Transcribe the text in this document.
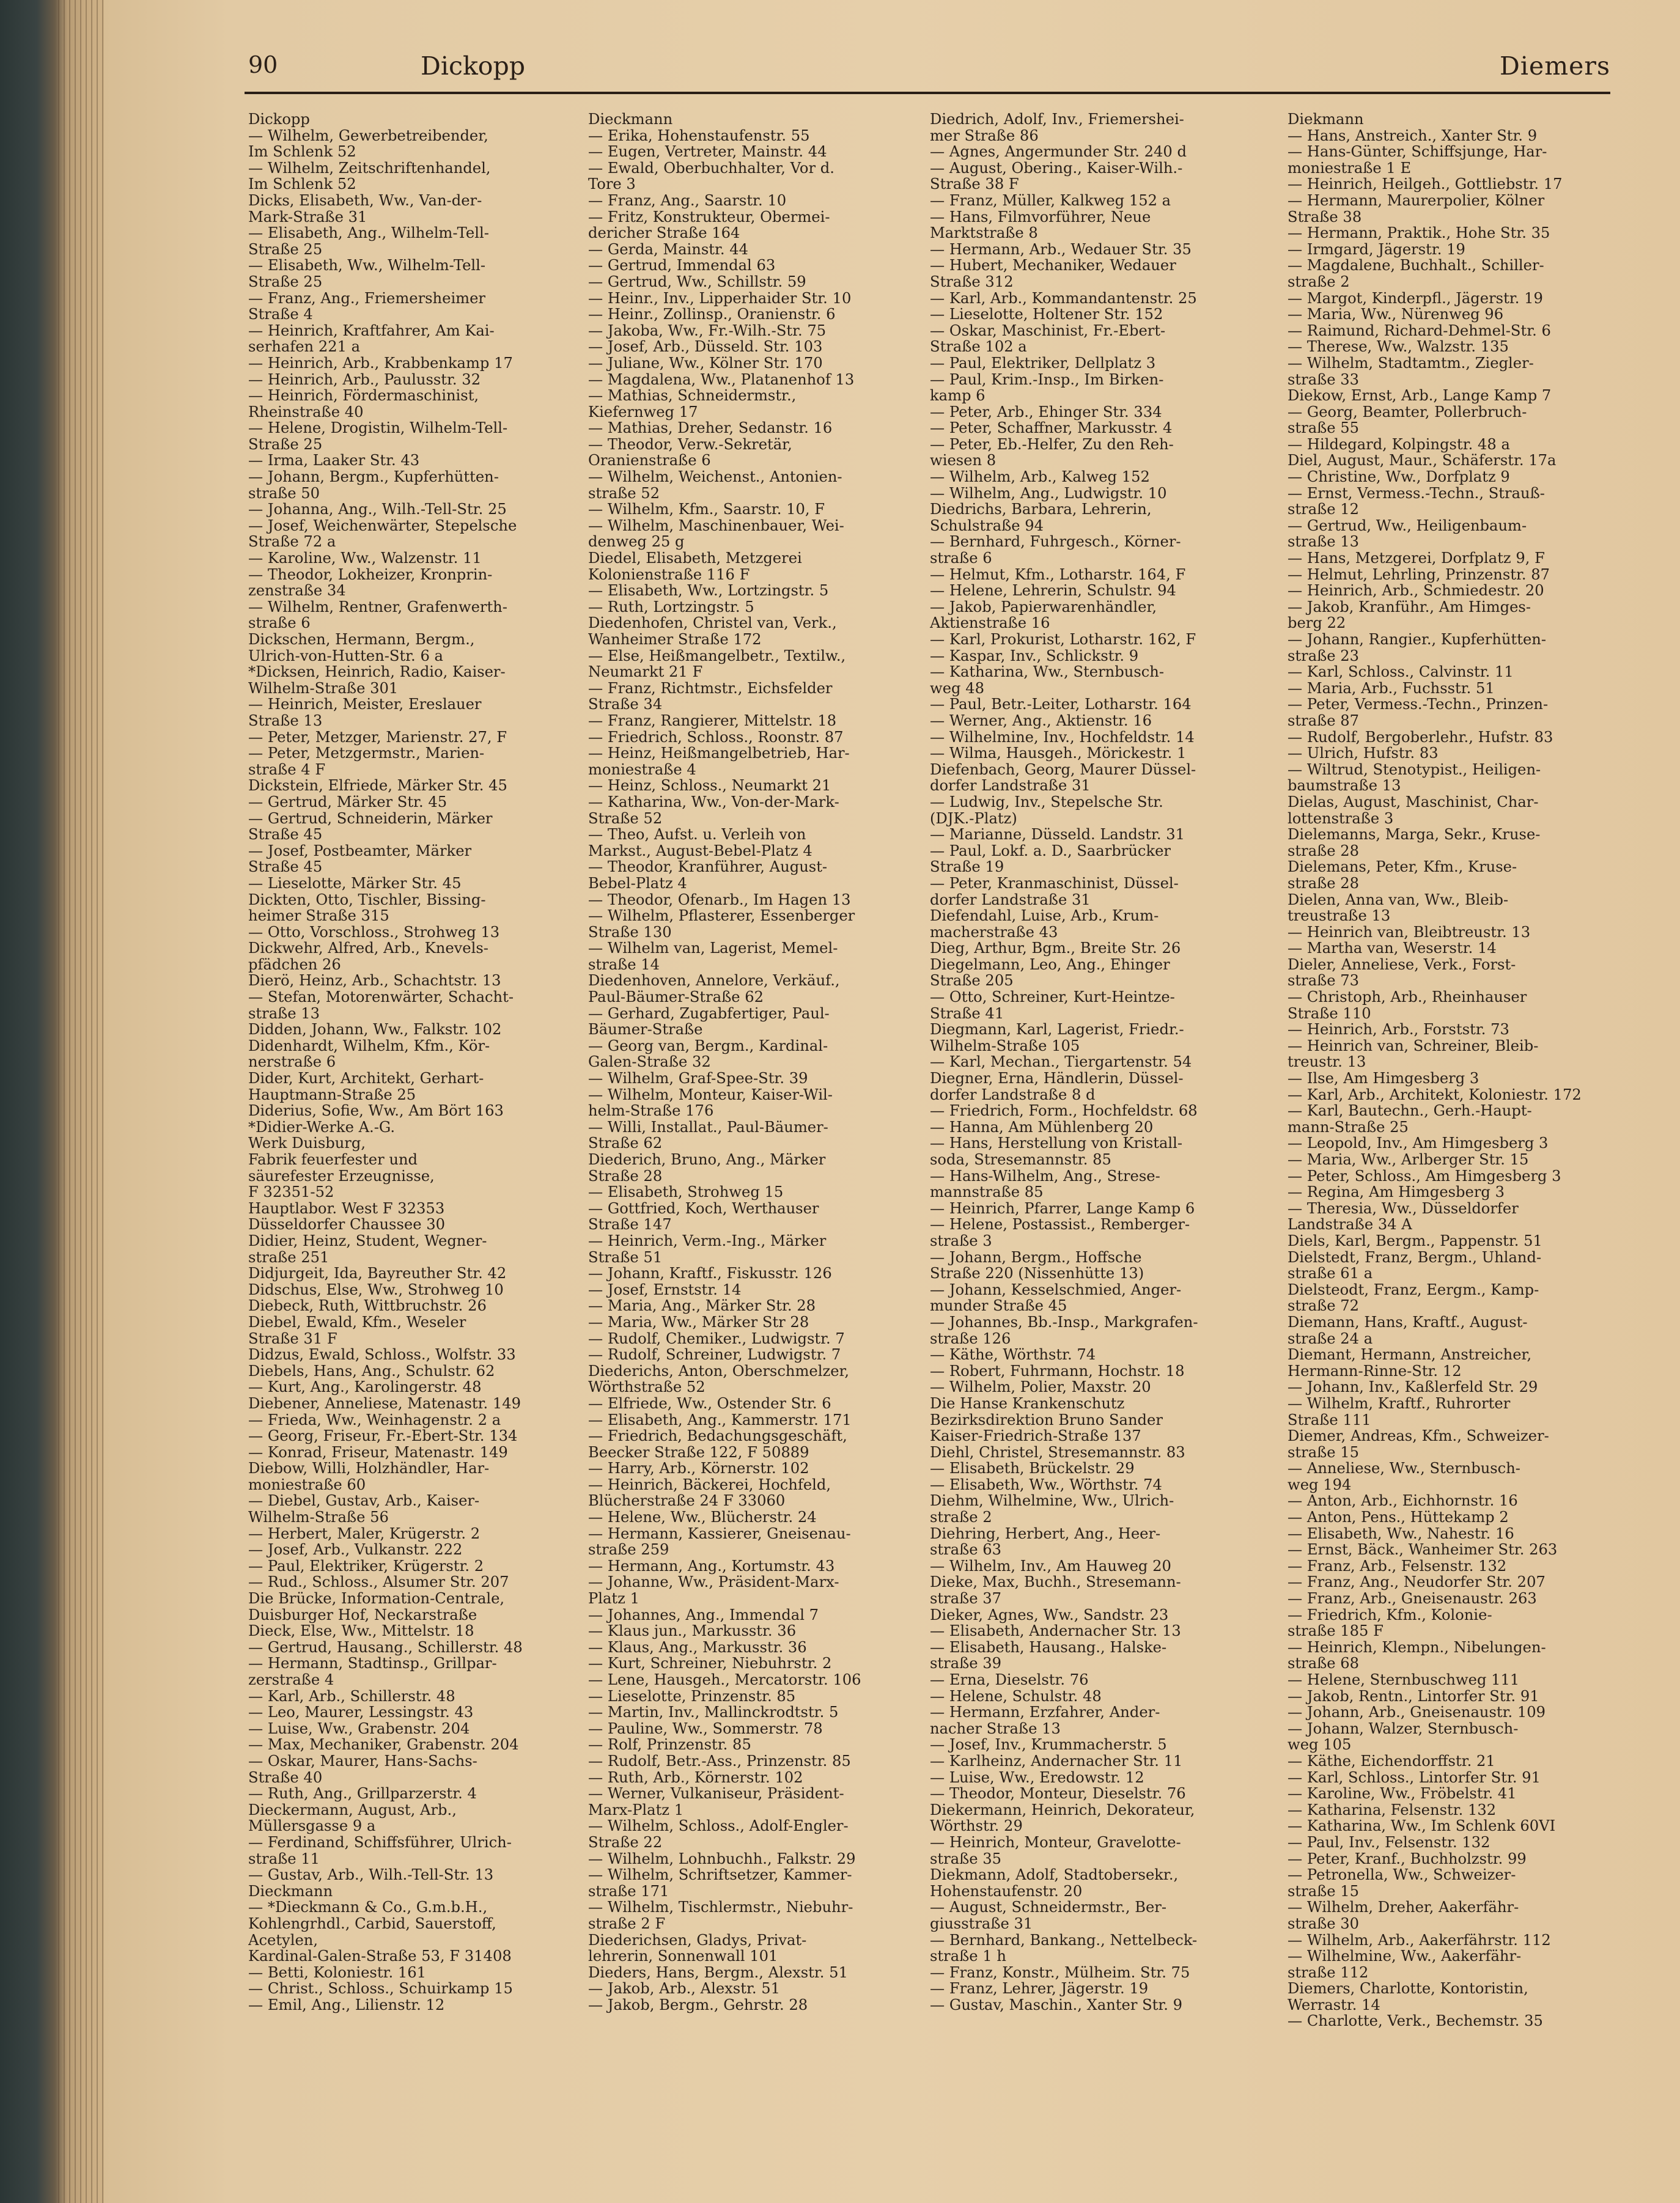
90	Dickopp	Diemers
Dickopp
— Wilhelm, Gewerbetreibender,
Im Schlenk 52
— Wilhelm, Zeitschriftenhandel,
Im Schlenk 52
Dicks, Elisabeth, Ww., Van-der-
Mark-Straße 31
— Elisabeth, Ang., Wilhelm-Tell-
Straße 25
— Elisabeth, Ww., Wilhelm-Tell-
Straße 25
— Franz, Ang., Friemersheimer
Straße 4
— Heinrich, Kraftfahrer, Am Kai-
serhafen 221 a
— Heinrich, Arb., Krabbenkamp 17
— Heinrich, Arb., Paulusstr. 32
— Heinrich, Fördermaschinist,
Rheinstraße 40
— Helene, Drogistin, Wilhelm-Tell-
Straße 25
— Irma, Laaker Str. 43
— Johann, Bergm., Kupferhütten-
straße 50
— Johanna, Ang., Wilh.-Tell-Str. 25
— Josef, Weichenwärter, Stepelsche
Straße 72 a
— Karoline, Ww., Walzenstr. 11
— Theodor, Lokheizer, Kronprin-
zenstraße 34
— Wilhelm, Rentner, Grafenwerth-
straße 6
Dickschen, Hermann, Bergm.,
Ulrich-von-Hutten-Str. 6 a
*Dicksen, Heinrich, Radio, Kaiser-
Wilhelm-Straße 301
— Heinrich, Meister, Ereslauer
Straße 13
— Peter, Metzger, Marienstr. 27, F
— Peter, Metzgermstr., Marien-
straße 4 F
Dickstein, Elfriede, Märker Str. 45
— Gertrud, Märker Str. 45
— Gertrud, Schneiderin, Märker
Straße 45
— Josef, Postbeamter, Märker
Straße 45
— Lieselotte, Märker Str. 45
Dickten, Otto, Tischler, Bissing-
heimer Straße 315
— Otto, Vorschloss., Strohweg 13
Dickwehr, Alfred, Arb., Knevels-
pfädchen 26
Dierö, Heinz, Arb., Schachtstr. 13
— Stefan, Motorenwärter, Schacht-
straße 13
Didden, Johann, Ww., Falkstr. 102
Didenhardt, Wilhelm, Kfm., Kör-
nerstraße 6
Dider, Kurt, Architekt, Gerhart-
Hauptmann-Straße 25
Diderius, Sofie, Ww., Am Bört 163
*Didier-Werke A.-G.
Werk Duisburg,
Fabrik feuerfester und
säurefester Erzeugnisse,
F 32351-52
Hauptlabor. West F 32353
Düsseldorfer Chaussee 30
Didier, Heinz, Student, Wegner-
straße 251
Didjurgeit, Ida, Bayreuther Str. 42
Didschus, Else, Ww., Strohweg 10
Diebeck, Ruth, Wittbruchstr. 26
Diebel, Ewald, Kfm., Weseler
Straße 31 F
Didzus, Ewald, Schloss., Wolfstr. 33
Diebels, Hans, Ang., Schulstr. 62
— Kurt, Ang., Karolingerstr. 48
Diebener, Anneliese, Matenastr. 149
— Frieda, Ww., Weinhagenstr. 2 a
— Georg, Friseur, Fr.-Ebert-Str. 134
— Konrad, Friseur, Matenastr. 149
Diebow, Willi, Holzhändler, Har-
moniestraße 60
— Diebel, Gustav, Arb., Kaiser-
Wilhelm-Straße 56
— Herbert, Maler, Krügerstr. 2
— Josef, Arb., Vulkanstr. 222
— Paul, Elektriker, Krügerstr. 2
— Rud., Schloss., Alsumer Str. 207
Die Brücke, Information-Centrale,
Duisburger Hof, Neckarstraße
Dieck, Else, Ww., Mittelstr. 18
— Gertrud, Hausang., Schillerstr. 48
— Hermann, Stadtinsp., Grillpar-
zerstraße 4
— Karl, Arb., Schillerstr. 48
— Leo, Maurer, Lessingstr. 43
— Luise, Ww., Grabenstr. 204
— Max, Mechaniker, Grabenstr. 204
— Oskar, Maurer, Hans-Sachs-
Straße 40
— Ruth, Ang., Grillparzerstr. 4
Dieckermann, August, Arb.,
Müllersgasse 9 a
— Ferdinand, Schiffsführer, Ulrich-
straße 11
— Gustav, Arb., Wilh.-Tell-Str. 13
Dieckmann
— *Dieckmann & Co., G.m.b.H.,
Kohlengrhdl., Carbid, Sauerstoff,
Acetylen,
Kardinal-Galen-Straße 53, F 31408
— Betti, Koloniestr. 161
— Christ., Schloss., Schuirkamp 15
— Emil, Ang., Lilienstr. 12
Dieckmann
— Erika, Hohenstaufenstr. 55
— Eugen, Vertreter, Mainstr. 44
— Ewald, Oberbuchhalter, Vor d.
Tore 3
— Franz, Ang., Saarstr. 10
— Fritz, Konstrukteur, Obermei-
dericher Straße 164
— Gerda, Mainstr. 44
— Gertrud, Immendal 63
— Gertrud, Ww., Schillstr. 59
— Heinr., Inv., Lipperhaider Str. 10
— Heinr., Zollinsp., Oranienstr. 6
— Jakoba, Ww., Fr.-Wilh.-Str. 75
— Josef, Arb., Düsseld. Str. 103
— Juliane, Ww., Kölner Str. 170
— Magdalena, Ww., Platanenhof 13
— Mathias, Schneidermstr.,
Kiefernweg 17
— Mathias, Dreher, Sedanstr. 16
— Theodor, Verw.-Sekretär,
Oranienstraße 6
— Wilhelm, Weichenst., Antonien-
straße 52
— Wilhelm, Kfm., Saarstr. 10, F
— Wilhelm, Maschinenbauer, Wei-
denweg 25 g
Diedel, Elisabeth, Metzgerei
Kolonienstraße 116 F
— Elisabeth, Ww., Lortzingstr. 5
— Ruth, Lortzingstr. 5
Diedenhofen, Christel van, Verk.,
Wanheimer Straße 172
— Else, Heißmangelbetr., Textilw.,
Neumarkt 21 F
— Franz, Richtmstr., Eichsfelder
Straße 34
— Franz, Rangierer, Mittelstr. 18
— Friedrich, Schloss., Roonstr. 87
— Heinz, Heißmangelbetrieb, Har-
moniestraße 4
— Heinz, Schloss., Neumarkt 21
— Katharina, Ww., Von-der-Mark-
Straße 52
— Theo, Aufst. u. Verleih von
Markst., August-Bebel-Platz 4
— Theodor, Kranführer, August-
Bebel-Platz 4
— Theodor, Ofenarb., Im Hagen 13
— Wilhelm, Pflasterer, Essenberger
Straße 130
— Wilhelm van, Lagerist, Memel-
straße 14
Diedenhoven, Annelore, Verkäuf.,
Paul-Bäumer-Straße 62
— Gerhard, Zugabfertiger, Paul-
Bäumer-Straße
— Georg van, Bergm., Kardinal-
Galen-Straße 32
— Wilhelm, Graf-Spee-Str. 39
— Wilhelm, Monteur, Kaiser-Wil-
helm-Straße 176
— Willi, Installat., Paul-Bäumer-
Straße 62
Diederich, Bruno, Ang., Märker
Straße 28
— Elisabeth, Strohweg 15
— Gottfried, Koch, Werthauser
Straße 147
— Heinrich, Verm.-Ing., Märker
Straße 51
— Johann, Kraftf., Fiskusstr. 126
— Josef, Ernststr. 14
— Maria, Ang., Märker Str. 28
— Maria, Ww., Märker Str 28
— Rudolf, Chemiker., Ludwigstr. 7
— Rudolf, Schreiner, Ludwigstr. 7
Diederichs, Anton, Oberschmelzer,
Wörthstraße 52
— Elfriede, Ww., Ostender Str. 6
— Elisabeth, Ang., Kammerstr. 171
— Friedrich, Bedachungsgeschäft,
Beecker Straße 122, F 50889
— Harry, Arb., Körnerstr. 102
— Heinrich, Bäckerei, Hochfeld,
Blücherstraße 24 F 33060
— Helene, Ww., Blücherstr. 24
— Hermann, Kassierer, Gneisenau-
straße 259
— Hermann, Ang., Kortumstr. 43
— Johanne, Ww., Präsident-Marx-
Platz 1
— Johannes, Ang., Immendal 7
— Klaus jun., Markusstr. 36
— Klaus, Ang., Markusstr. 36
— Kurt, Schreiner, Niebuhrstr. 2
— Lene, Hausgeh., Mercatorstr. 106
— Lieselotte, Prinzenstr. 85
— Martin, Inv., Mallinckrodtstr. 5
— Pauline, Ww., Sommerstr. 78
— Rolf, Prinzenstr. 85
— Rudolf, Betr.-Ass., Prinzenstr. 85
— Ruth, Arb., Körnerstr. 102
— Werner, Vulkaniseur, Präsident-
Marx-Platz 1
— Wilhelm, Schloss., Adolf-Engler-
Straße 22
— Wilhelm, Lohnbuchh., Falkstr. 29
— Wilhelm, Schriftsetzer, Kammer-
straße 171
— Wilhelm, Tischlermstr., Niebuhr-
straße 2 F
Diederichsen, Gladys, Privat-
lehrerin, Sonnenwall 101
Dieders, Hans, Bergm., Alexstr. 51
— Jakob, Arb., Alexstr. 51
— Jakob, Bergm., Gehrstr. 28
Diedrich, Adolf, Inv., Friemershei-
mer Straße 86
— Agnes, Angermunder Str. 240 d
— August, Obering., Kaiser-Wilh.-
Straße 38 F
— Franz, Müller, Kalkweg 152 a
— Hans, Filmvorführer, Neue
Marktstraße 8
— Hermann, Arb., Wedauer Str. 35
— Hubert, Mechaniker, Wedauer
Straße 312
— Karl, Arb., Kommandantenstr. 25
— Lieselotte, Holtener Str. 152
— Oskar, Maschinist, Fr.-Ebert-
Straße 102 a
— Paul, Elektriker, Dellplatz 3
— Paul, Krim.-Insp., Im Birken-
kamp 6
— Peter, Arb., Ehinger Str. 334
— Peter, Schaffner, Markusstr. 4
— Peter, Eb.-Helfer, Zu den Reh-
wiesen 8
— Wilhelm, Arb., Kalweg 152
— Wilhelm, Ang., Ludwigstr. 10
Diedrichs, Barbara, Lehrerin,
Schulstraße 94
— Bernhard, Fuhrgesch., Körner-
straße 6
— Helmut, Kfm., Lotharstr. 164, F
— Helene, Lehrerin, Schulstr. 94
— Jakob, Papierwarenhändler,
Aktienstraße 16
— Karl, Prokurist, Lotharstr. 162, F
— Kaspar, Inv., Schlickstr. 9
— Katharina, Ww., Sternbusch-
weg 48
— Paul, Betr.-Leiter, Lotharstr. 164
— Werner, Ang., Aktienstr. 16
— Wilhelmine, Inv., Hochfeldstr. 14
— Wilma, Hausgeh., Mörickestr. 1
Diefenbach, Georg, Maurer Düssel-
dorfer Landstraße 31
— Ludwig, Inv., Stepelsche Str.
(DJK.-Platz)
— Marianne, Düsseld. Landstr. 31
— Paul, Lokf. a. D., Saarbrücker
Straße 19
— Peter, Kranmaschinist, Düssel-
dorfer Landstraße 31
Diefendahl, Luise, Arb., Krum-
macherstraße 43
Dieg, Arthur, Bgm., Breite Str. 26
Diegelmann, Leo, Ang., Ehinger
Straße 205
— Otto, Schreiner, Kurt-Heintze-
Straße 41
Diegmann, Karl, Lagerist, Friedr.-
Wilhelm-Straße 105
— Karl, Mechan., Tiergartenstr. 54
Diegner, Erna, Händlerin, Düssel-
dorfer Landstraße 8 d
— Friedrich, Form., Hochfeldstr. 68
— Hanna, Am Mühlenberg 20
— Hans, Herstellung von Kristall-
soda, Stresemannstr. 85
— Hans-Wilhelm, Ang., Strese-
mannstraße 85
— Heinrich, Pfarrer, Lange Kamp 6
— Helene, Postassist., Remberger-
straße 3
— Johann, Bergm., Hoffsche
Straße 220 (Nissenhütte 13)
— Johann, Kesselschmied, Anger-
munder Straße 45
— Johannes, Bb.-Insp., Markgrafen-
straße 126
— Käthe, Wörthstr. 74
— Robert, Fuhrmann, Hochstr. 18
— Wilhelm, Polier, Maxstr. 20
Die Hanse Krankenschutz
Bezirksdirektion Bruno Sander
Kaiser-Friedrich-Straße 137
Diehl, Christel, Stresemannstr. 83
— Elisabeth, Brückelstr. 29
— Elisabeth, Ww., Wörthstr. 74
Diehm, Wilhelmine, Ww., Ulrich-
straße 2
Diehring, Herbert, Ang., Heer-
straße 63
— Wilhelm, Inv., Am Hauweg 20
Dieke, Max, Buchh., Stresemann-
straße 37
Dieker, Agnes, Ww., Sandstr. 23
— Elisabeth, Andernacher Str. 13
— Elisabeth, Hausang., Halske-
straße 39
— Erna, Dieselstr. 76
— Helene, Schulstr. 48
— Hermann, Erzfahrer, Ander-
nacher Straße 13
— Josef, Inv., Krummacherstr. 5
— Karlheinz, Andernacher Str. 11
— Luise, Ww., Eredowstr. 12
— Theodor, Monteur, Dieselstr. 76
Diekermann, Heinrich, Dekorateur,
Wörthstr. 29
— Heinrich, Monteur, Gravelotte-
straße 35
Diekmann, Adolf, Stadtobersekr.,
Hohenstaufenstr. 20
— August, Schneidermstr., Ber-
giusstraße 31
— Bernhard, Bankang., Nettelbeck-
straße 1 h
— Franz, Konstr., Mülheim. Str. 75
— Franz, Lehrer, Jägerstr. 19
— Gustav, Maschin., Xanter Str. 9
Diekmann
— Hans, Anstreich., Xanter Str. 9
— Hans-Günter, Schiffsjunge, Har-
moniestraße 1 E
— Heinrich, Heilgeh., Gottliebstr. 17
— Hermann, Maurerpolier, Kölner
Straße 38
— Hermann, Praktik., Hohe Str. 35
— Irmgard, Jägerstr. 19
— Magdalene, Buchhalt., Schiller-
straße 2
— Margot, Kinderpfl., Jägerstr. 19
— Maria, Ww., Nürenweg 96
— Raimund, Richard-Dehmel-Str. 6
— Therese, Ww., Walzstr. 135
— Wilhelm, Stadtamtm., Ziegler-
straße 33
Diekow, Ernst, Arb., Lange Kamp 7
— Georg, Beamter, Pollerbruch-
straße 55
— Hildegard, Kolpingstr. 48 a
Diel, August, Maur., Schäferstr. 17a
— Christine, Ww., Dorfplatz 9
— Ernst, Vermess.-Techn., Strauß-
straße 12
— Gertrud, Ww., Heiligenbaum-
straße 13
— Hans, Metzgerei, Dorfplatz 9, F
— Helmut, Lehrling, Prinzenstr. 87
— Heinrich, Arb., Schmiedestr. 20
— Jakob, Kranführ., Am Himges-
berg 22
— Johann, Rangier., Kupferhütten-
straße 23
— Karl, Schloss., Calvinstr. 11
— Maria, Arb., Fuchsstr. 51
— Peter, Vermess.-Techn., Prinzen-
straße 87
— Rudolf, Bergoberlehr., Hufstr. 83
— Ulrich, Hufstr. 83
— Wiltrud, Stenotypist., Heiligen-
baumstraße 13
Dielas, August, Maschinist, Char-
lottenstraße 3
Dielemanns, Marga, Sekr., Kruse-
straße 28
Dielemans, Peter, Kfm., Kruse-
straße 28
Dielen, Anna van, Ww., Bleib-
treustraße 13
— Heinrich van, Bleibtreustr. 13
— Martha van, Weserstr. 14
Dieler, Anneliese, Verk., Forst-
straße 73
— Christoph, Arb., Rheinhauser
Straße 110
— Heinrich, Arb., Forststr. 73
— Heinrich van, Schreiner, Bleib-
treustr. 13
— Ilse, Am Himgesberg 3
— Karl, Arb., Architekt, Koloniestr. 172
— Karl, Bautechn., Gerh.-Haupt-
mann-Straße 25
— Leopold, Inv., Am Himgesberg 3
— Maria, Ww., Arlberger Str. 15
— Peter, Schloss., Am Himgesberg 3
— Regina, Am Himgesberg 3
— Theresia, Ww., Düsseldorfer
Landstraße 34 A
Diels, Karl, Bergm., Pappenstr. 51
Dielstedt, Franz, Bergm., Uhland-
straße 61 a
Dielsteodt, Franz, Eergm., Kamp-
straße 72
Diemann, Hans, Kraftf., August-
straße 24 a
Diemant, Hermann, Anstreicher,
Hermann-Rinne-Str. 12
— Johann, Inv., Kaßlerfeld Str. 29
— Wilhelm, Kraftf., Ruhrorter
Straße 111
Diemer, Andreas, Kfm., Schweizer-
straße 15
— Anneliese, Ww., Sternbusch-
weg 194
— Anton, Arb., Eichhornstr. 16
— Anton, Pens., Hüttekamp 2
— Elisabeth, Ww., Nahestr. 16
— Ernst, Bäck., Wanheimer Str. 263
— Franz, Arb., Felsenstr. 132
— Franz, Ang., Neudorfer Str. 207
— Franz, Arb., Gneisenaustr. 263
— Friedrich, Kfm., Kolonie-
straße 185 F
— Heinrich, Klempn., Nibelungen-
straße 68
— Helene, Sternbuschweg 111
— Jakob, Rentn., Lintorfer Str. 91
— Johann, Arb., Gneisenaustr. 109
— Johann, Walzer, Sternbusch-
weg 105
— Käthe, Eichendorffstr. 21
— Karl, Schloss., Lintorfer Str. 91
— Karoline, Ww., Fröbelstr. 41
— Katharina, Felsenstr. 132
— Katharina, Ww., Im Schlenk 60VI
— Paul, Inv., Felsenstr. 132
— Peter, Kranf., Buchholzstr. 99
— Petronella, Ww., Schweizer-
straße 15
— Wilhelm, Dreher, Aakerfähr-
straße 30
— Wilhelm, Arb., Aakerfährstr. 112
— Wilhelmine, Ww., Aakerfähr-
straße 112
Diemers, Charlotte, Kontoristin,
Werrastr. 14
— Charlotte, Verk., Bechemstr. 35
